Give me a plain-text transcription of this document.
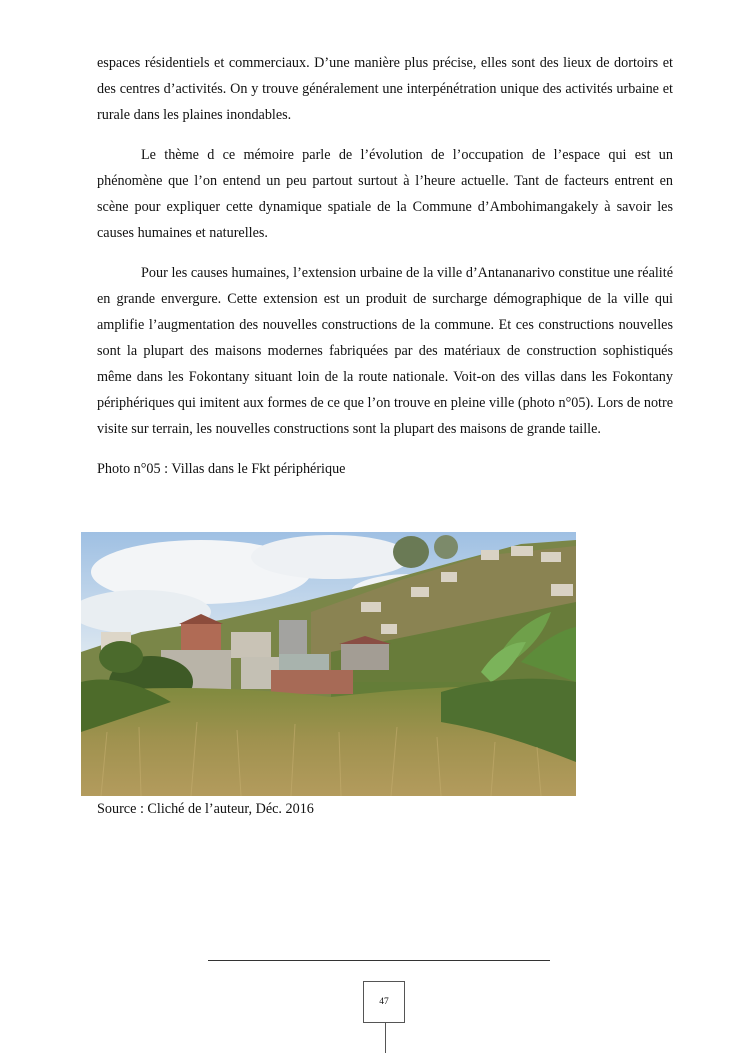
espaces résidentiels et commerciaux. D’une manière plus précise, elles sont des lieux de dortoirs et des centres d’activités. On y trouve généralement une interpénétration unique des activités urbaine et rurale dans les plaines inondables.

Le thème d ce mémoire parle de l’évolution de l’occupation de l’espace qui est un phénomène que l’on entend un peu partout surtout à l’heure actuelle. Tant de facteurs entrent en scène pour expliquer cette dynamique spatiale de la Commune d’Ambohimangakely à savoir les causes humaines et naturelles.

Pour les causes humaines, l’extension urbaine de la ville d’Antananarivo constitue une réalité en grande envergure. Cette extension est un produit de surcharge démographique de la ville qui amplifie l’augmentation des nouvelles constructions de la commune. Et ces constructions nouvelles sont la plupart des maisons modernes fabriquées par des matériaux de construction sophistiqués même dans les Fokontany situant loin de la route nationale. Voit-on des villas dans les Fokontany périphériques qui imitent aux formes de ce que l’on trouve en pleine ville (photo n°05). Lors de notre visite sur terrain, les nouvelles constructions sont la plupart des maisons de grande taille.

Photo n°05 : Villas dans le Fkt périphérique

Source : Cliché de l’auteur, Déc. 2016
47
